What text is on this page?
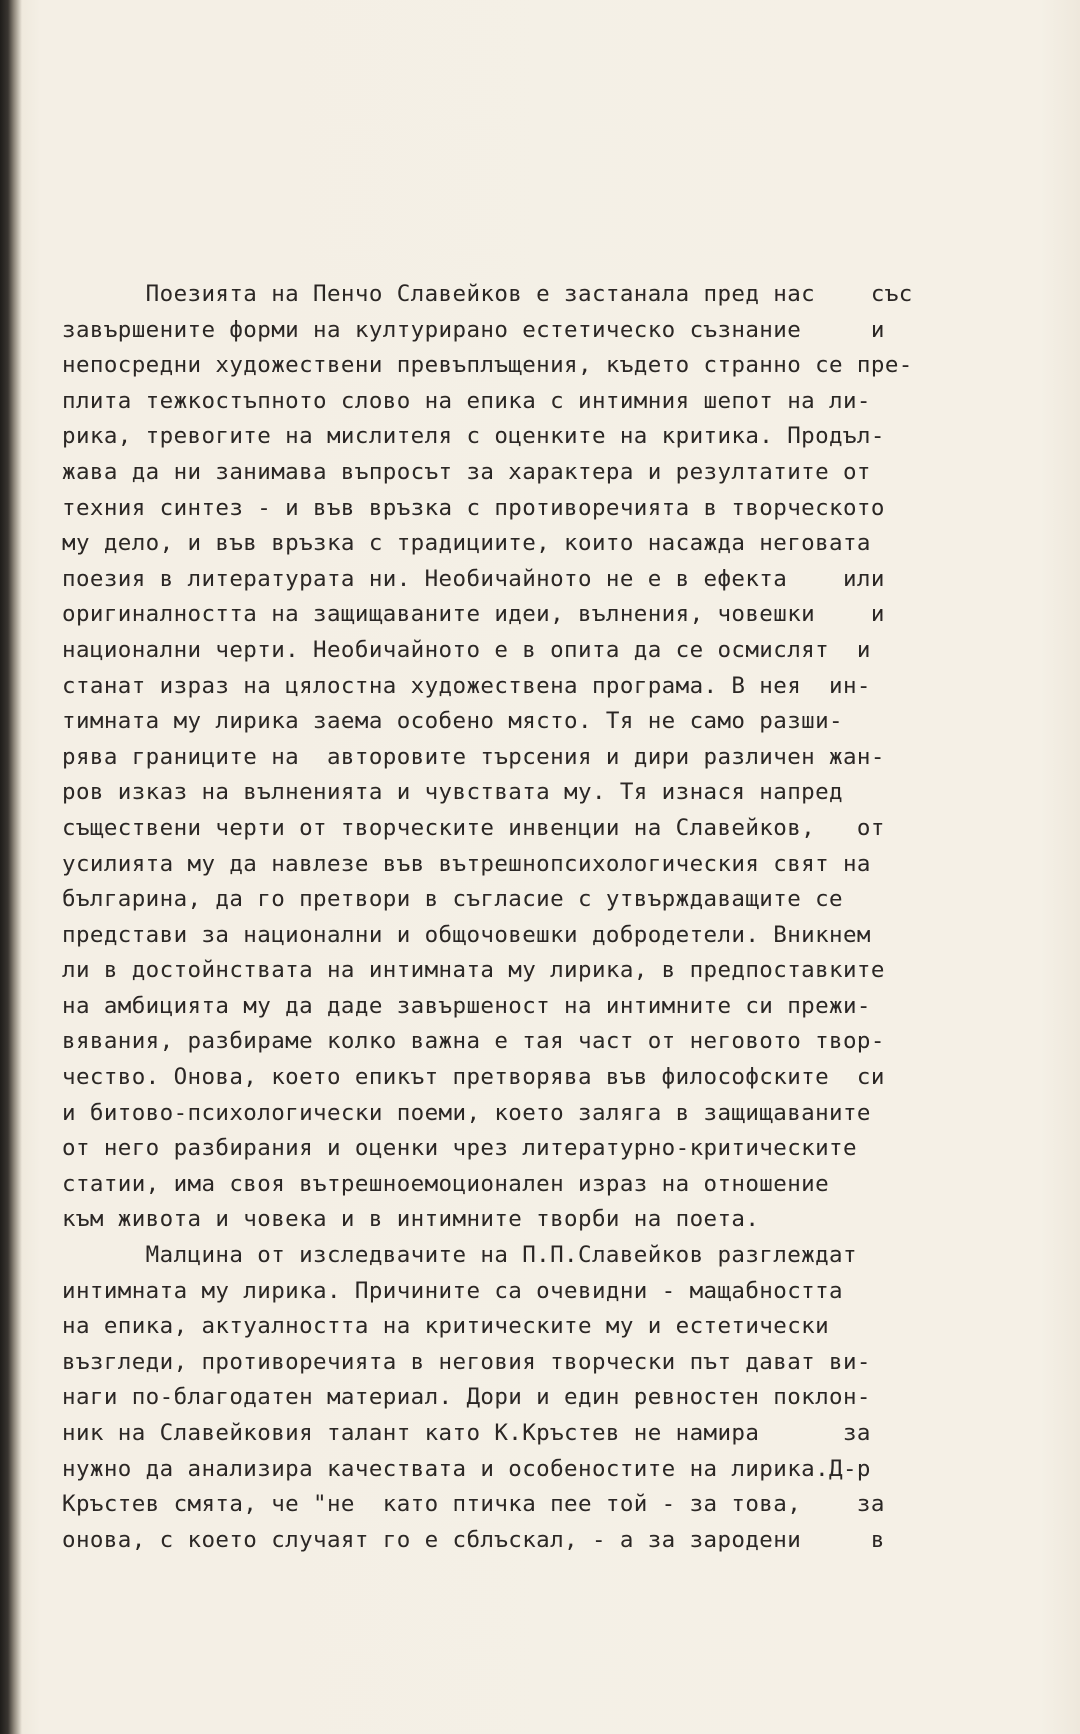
Поезията на Пенчо Славейков е застанала пред нас    със
завършените форми на културирано естетическо съзнание     и
непосредни художествени превъплъщения, където странно се пре-
плита тежкостъпното слово на епика с интимния шепот на ли-
рика, тревогите на мислителя с оценките на критика. Продъл-
жава да ни занимава въпросът за характера и резултатите от
техния синтез - и във връзка с противоречията в творческото
му дело, и във връзка с традициите, които насажда неговата
поезия в литературата ни. Необичайното не е в ефекта    или
оригиналността на защищаваните идеи, вълнения, човешки    и
национални черти. Необичайното е в опита да се осмислят  и
станат израз на цялостна художествена програма. В нея  ин-
тимната му лирика заема особено място. Тя не само разши-
рява границите на  авторовите търсения и дири различен жан-
ров изказ на вълненията и чувствата му. Тя изнася напред
съществени черти от творческите инвенции на Славейков,   от
усилията му да навлезе във вътрешнопсихологическия свят на
българина, да го претвори в съгласие с утвърждаващите се
представи за национални и общочовешки добродетели. Вникнем
ли в достойнствата на интимната му лирика, в предпоставките
на амбицията му да даде завършеност на интимните си прежи-
вявания, разбираме колко важна е тая част от неговото твор-
чество. Онова, което епикът претворява във философските  си
и битово-психологически поеми, което залягa в защищаваните
от него разбирания и оценки чрез литературно-критическите
статии, има своя вътрешноемоционален израз на отношение
към живота и човека и в интимните творби на поета.
Малцина от изследвачите на П.П.Славейков разглеждат
интимната му лирика. Причините са очевидни - мащабността
на епика, актуалността на критическите му и естетически
възгледи, противоречията в неговия творчески път дават ви-
наги по-благодатен материал. Дори и един ревностен поклон-
ник на Славейковия талант като К.Кръстев не намира      за
нужно да анализира качествата и особеностите на лирика.Д-р
Кръстев смята, че "не  като птичка пее той - за това,    за
онова, с което случаят го е сблъскал, - а за зародени     в
